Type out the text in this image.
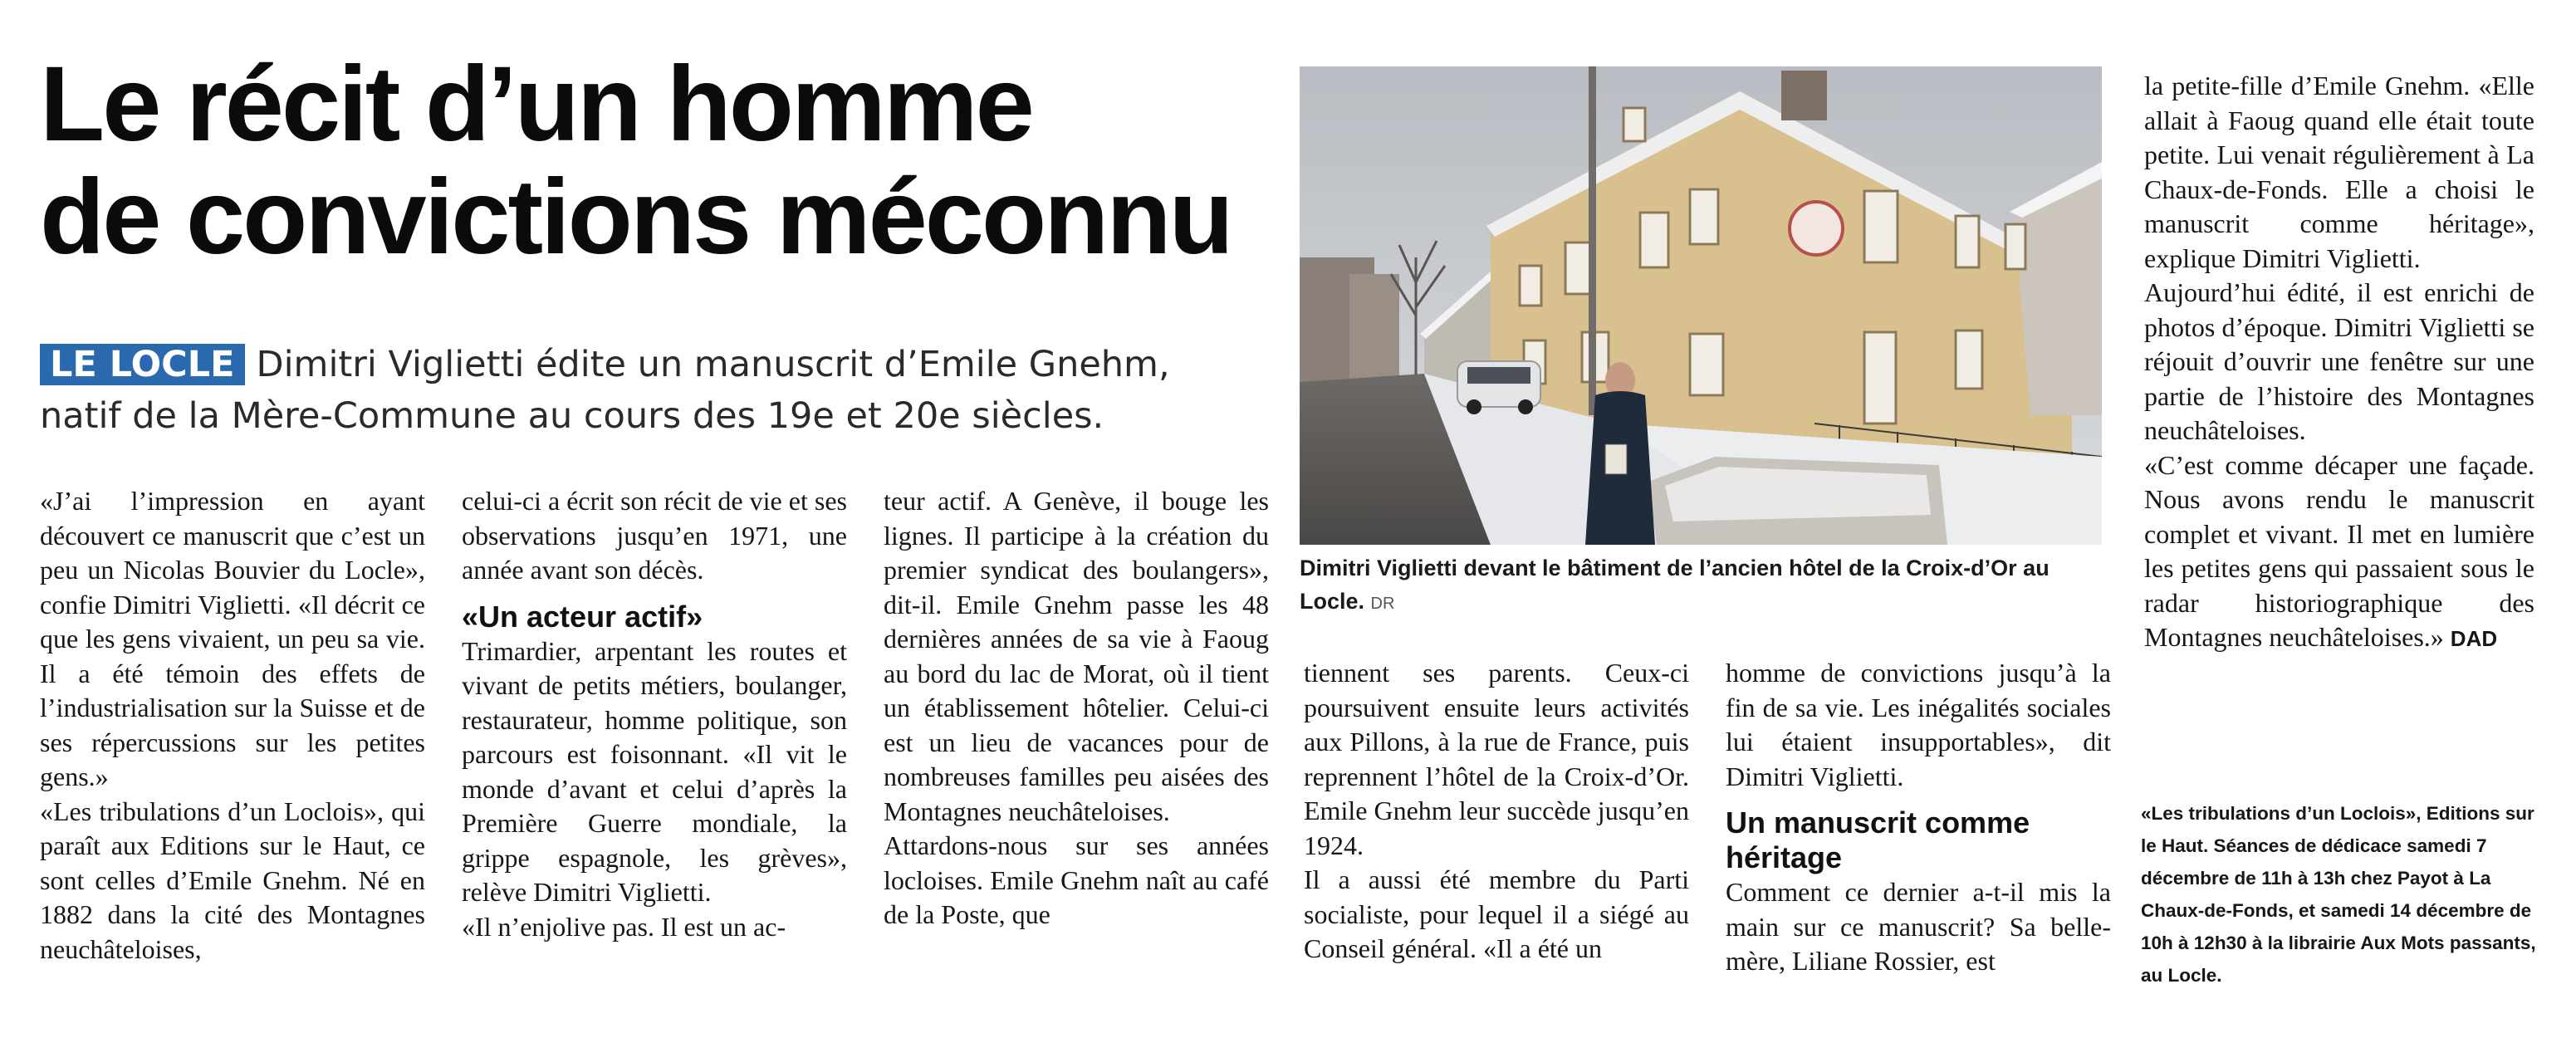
Le récit d’un homme
de convictions méconnu

LE LOCLE Dimitri Viglietti édite un manuscrit d’Emile Gnehm, natif de la Mère-Commune au cours des 19e et 20e siècles.

«J’ai l’impression en ayant découvert ce manuscrit que c’est un peu un Nicolas Bouvier du Locle», confie Dimitri Viglietti. «Il décrit ce que les gens vivaient, un peu sa vie. Il a été témoin des effets de l’industrialisation sur la Suisse et de ses répercussions sur les petites gens.»

«Les tribulations d’un Loclois», qui paraît aux Editions sur le Haut, ce sont celles d’Emile Gnehm. Né en 1882 dans la cité des Montagnes neuchâteloises,

celui-ci a écrit son récit de vie et ses observations jusqu’en 1971, une année avant son décès.

«Un acteur actif»

Trimardier, arpentant les routes et vivant de petits métiers, boulanger, restaurateur, homme politique, son parcours est foisonnant. «Il vit le monde d’avant et celui d’après la Première Guerre mondiale, la grippe espagnole, les grèves», relève Dimitri Viglietti.

«Il n’enjolive pas. Il est un ac-

teur actif. A Genève, il bouge les lignes. Il participe à la création du premier syndicat des boulangers», dit-il. Emile Gnehm passe les 48 dernières années de sa vie à Faoug au bord du lac de Morat, où il tient un établissement hôtelier. Celui-ci est un lieu de vacances pour de nombreuses familles peu aisées des Montagnes neuchâteloises.

Attardons-nous sur ses années locloises. Emile Gnehm naît au café de la Poste, que

Dimitri Viglietti devant le bâtiment de l’ancien hôtel de la Croix-d’Or au Locle. DR

tiennent ses parents. Ceux-ci poursuivent ensuite leurs activités aux Pillons, à la rue de France, puis reprennent l’hôtel de la Croix-d’Or. Emile Gnehm leur succède jusqu’en 1924.

Il a aussi été membre du Parti socialiste, pour lequel il a siégé au Conseil général. «Il a été un

homme de convictions jusqu’à la fin de sa vie. Les inégalités sociales lui étaient insupportables», dit Dimitri Viglietti.

Un manuscrit comme héritage

Comment ce dernier a-t-il mis la main sur ce manuscrit? Sa belle-mère, Liliane Rossier, est

la petite-fille d’Emile Gnehm. «Elle allait à Faoug quand elle était toute petite. Lui venait régulièrement à La Chaux-de-Fonds. Elle a choisi le manuscrit comme héritage», explique Dimitri Viglietti.

Aujourd’hui édité, il est enrichi de photos d’époque. Dimitri Viglietti se réjouit d’ouvrir une fenêtre sur une partie de l’histoire des Montagnes neuchâteloises.

«C’est comme décaper une façade. Nous avons rendu le manuscrit complet et vivant. Il met en lumière les petites gens qui passaient sous le radar historiographique des Montagnes neuchâteloises.» DAD

«Les tribulations d’un Loclois», Editions sur le Haut. Séances de dédicace samedi 7 décembre de 11h à 13h chez Payot à La Chaux-de-Fonds, et samedi 14 décembre de 10h à 12h30 à la librairie Aux Mots passants, au Locle.
